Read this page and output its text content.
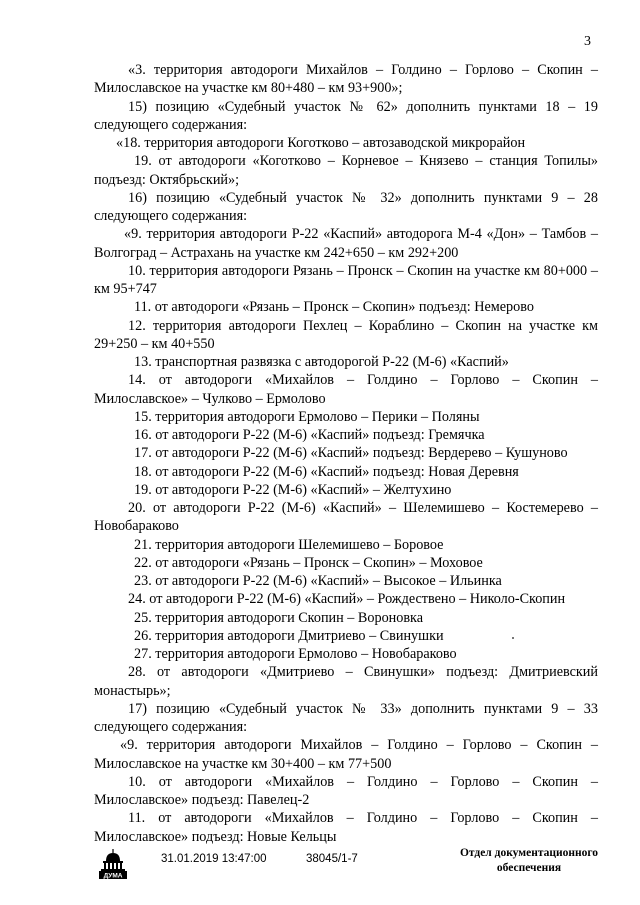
3

«3. территория автодороги Михайлов – Голдино – Горлово – Скопин – Милославское на участке км 80+480 – км 93+900»;

15) позицию «Судебный участок № 62» дополнить пунктами 18 – 19 следующего содержания:

«18. территория автодороги Коготково – автозаводской микрорайон

19. от автодороги «Коготково – Корневое – Князево – станция Топилы» подъезд: Октябрьский»;

16) позицию «Судебный участок № 32» дополнить пунктами 9 – 28 следующего содержания:

«9. территория автодороги Р-22 «Каспий» автодорога М-4 «Дон» – Тамбов – Волгоград – Астрахань на участке км 242+650 – км 292+200

10. территория автодороги Рязань – Пронск – Скопин на участке км 80+000 – км 95+747

11. от автодороги «Рязань – Пронск – Скопин» подъезд: Немерово

12. территория автодороги Пехлец – Кораблино – Скопин на участке км 29+250 – км 40+550

13. транспортная развязка с автодорогой Р-22 (М-6) «Каспий»

14. от автодороги «Михайлов – Голдино – Горлово – Скопин – Милославское» – Чулково – Ермолово

15. территория автодороги Ермолово – Перики – Поляны

16. от автодороги Р-22 (М-6) «Каспий» подъезд: Гремячка

17. от автодороги Р-22 (М-6) «Каспий» подъезд: Вердерево – Кушуново

18. от автодороги Р-22 (М-6) «Каспий» подъезд: Новая Деревня

19. от автодороги Р-22 (М-6) «Каспий» – Желтухино

20. от автодороги Р-22 (М-6) «Каспий» – Шелемишево – Костемерево – Новобараково

21. территория автодороги Шелемишево – Боровое

22. от автодороги «Рязань – Пронск – Скопин» – Моховое

23. от автодороги Р-22 (М-6) «Каспий» – Высокое – Ильинка

24. от автодороги Р-22 (М-6) «Каспий» – Рождествено – Николо-Скопин

25. территория автодороги Скопин – Вороновка

26. территория автодороги Дмитриево – Свинушки

27. территория автодороги Ермолово – Новобараково

28. от автодороги «Дмитриево – Свинушки» подъезд: Дмитриевский монастырь»;

17) позицию «Судебный участок № 33» дополнить пунктами 9 – 33 следующего содержания:

«9. территория автодороги Михайлов – Голдино – Горлово – Скопин – Милославское на участке км 30+400 – км 77+500

10. от автодороги «Михайлов – Голдино – Горлово – Скопин – Милославское» подъезд: Павелец-2

11. от автодороги «Михайлов – Голдино – Горлово – Скопин – Милославское» подъезд: Новые Кельцы

ДУМА
31.01.2019 13:47:00	38045/1-7	Отдел документационного
обеспечения
